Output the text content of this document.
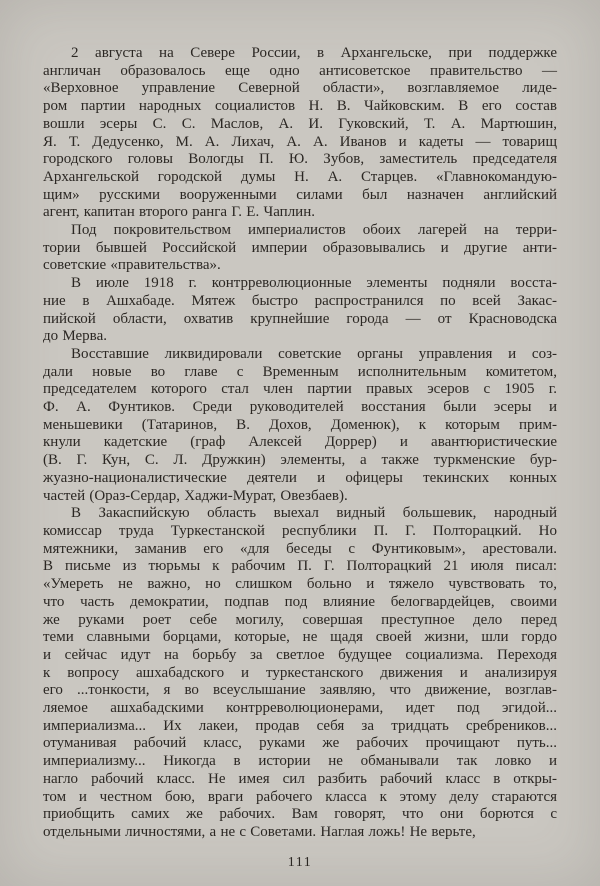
2 августа на Севере России, в Архангельске, при поддержке
англичан образовалось еще одно антисоветское правительство —
«Верховное управление Северной области», возглавляемое лиде-
ром партии народных социалистов Н. В. Чайковским. В его состав
вошли эсеры С. С. Маслов, А. И. Гуковский, Т. А. Мартюшин,
Я. Т. Дедусенко, М. А. Лихач, А. А. Иванов и кадеты — товарищ
городского головы Вологды П. Ю. Зубов, заместитель председателя
Архангельской городской думы Н. А. Старцев. «Главнокомандую-
щим» русскими вооруженными силами был назначен английский
агент, капитан второго ранга Г. Е. Чаплин.

Под покровительством империалистов обоих лагерей на терри-
тории бывшей Российской империи образовывались и другие анти-
советские «правительства».

В июле 1918 г. контрреволюционные элементы подняли восста-
ние в Ашхабаде. Мятеж быстро распространился по всей Закас-
пийской области, охватив крупнейшие города — от Красноводска
до Мерва.

Восставшие ликвидировали советские органы управления и соз-
дали новые во главе с Временным исполнительным комитетом,
председателем которого стал член партии правых эсеров с 1905 г.
Ф. А. Фунтиков. Среди руководителей восстания были эсеры и
меньшевики (Татаринов, В. Дохов, Доменюк), к которым прим-
кнули кадетские (граф Алексей Доррер) и авантюристические
(В. Г. Кун, С. Л. Дружкин) элементы, а также туркменские бур-
жуазно-националистические деятели и офицеры текинских конных
частей (Ораз-Сердар, Хаджи-Мурат, Овезбаев).

В Закаспийскую область выехал видный большевик, народный
комиссар труда Туркестанской республики П. Г. Полторацкий. Но
мятежники, заманив его «для беседы с Фунтиковым», арестовали.
В письме из тюрьмы к рабочим П. Г. Полторацкий 21 июля писал:
«Умереть не важно, но слишком больно и тяжело чувствовать то,
что часть демократии, подпав под влияние белогвардейцев, своими
же руками роет себе могилу, совершая преступное дело перед
теми славными борцами, которые, не щадя своей жизни, шли гордо
и сейчас идут на борьбу за светлое будущее социализма. Переходя
к вопросу ашхабадского и туркестанского движения и анализируя
его ...тонкости, я во всеуслышание заявляю, что движение, возглав-
ляемое ашхабадскими контрреволюционерами, идет под эгидой...
империализма... Их лакеи, продав себя за тридцать сребреников...
отуманивая рабочий класс, руками же рабочих прочищают путь...
империализму... Никогда в истории не обманывали так ловко и
нагло рабочий класс. Не имея сил разбить рабочий класс в откры-
том и честном бою, враги рабочего класса к этому делу стараются
приобщить самих же рабочих. Вам говорят, что они борются с
отдельными личностями, а не с Советами. Наглая ложь! Не верьте,

111
